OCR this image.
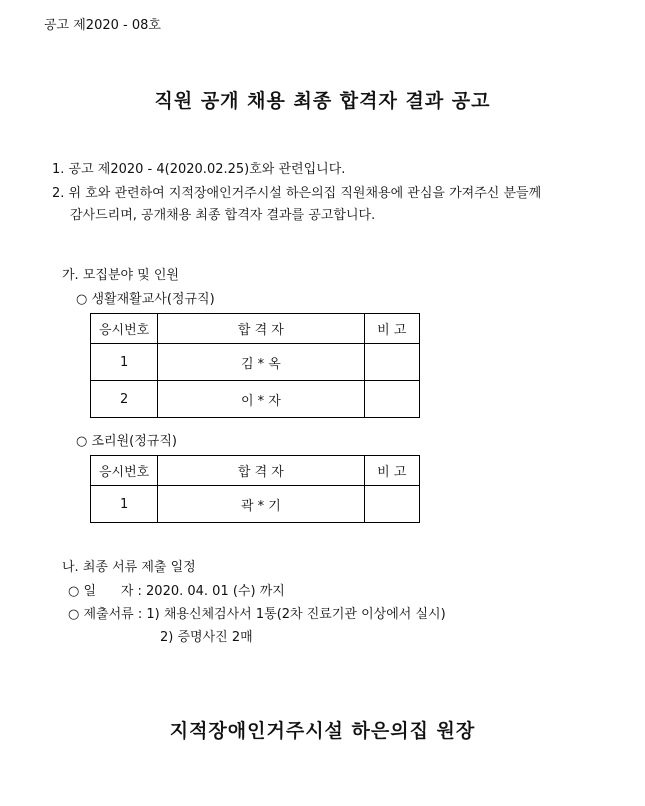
공고 제2020 - 08호
직원 공개 채용 최종 합격자 결과 공고
1. 공고 제2020 - 4(2020.02.25)호와 관련입니다.
2. 위 호와 관련하여 지적장애인거주시설 하은의집 직원채용에 관심을 가져주신 분들께
감사드리며, 공개채용 최종 합격자 결과를 공고합니다.
가. 모집분야 및 인원
○ 생활재활교사(정규직)
응시번호	합 격 자	비 고
1	김 * 옥	
2	이 * 자	
○ 조리원(정규직)
응시번호	합 격 자	비 고
1	곽 * 기	
나. 최종 서류 제출 일정
○ 일      자 : 2020. 04. 01 (수) 까지
○ 제출서류 : 1) 채용신체검사서 1통(2차 진료기관 이상에서 실시)
2) 증명사진 2매
지적장애인거주시설 하은의집 원장
